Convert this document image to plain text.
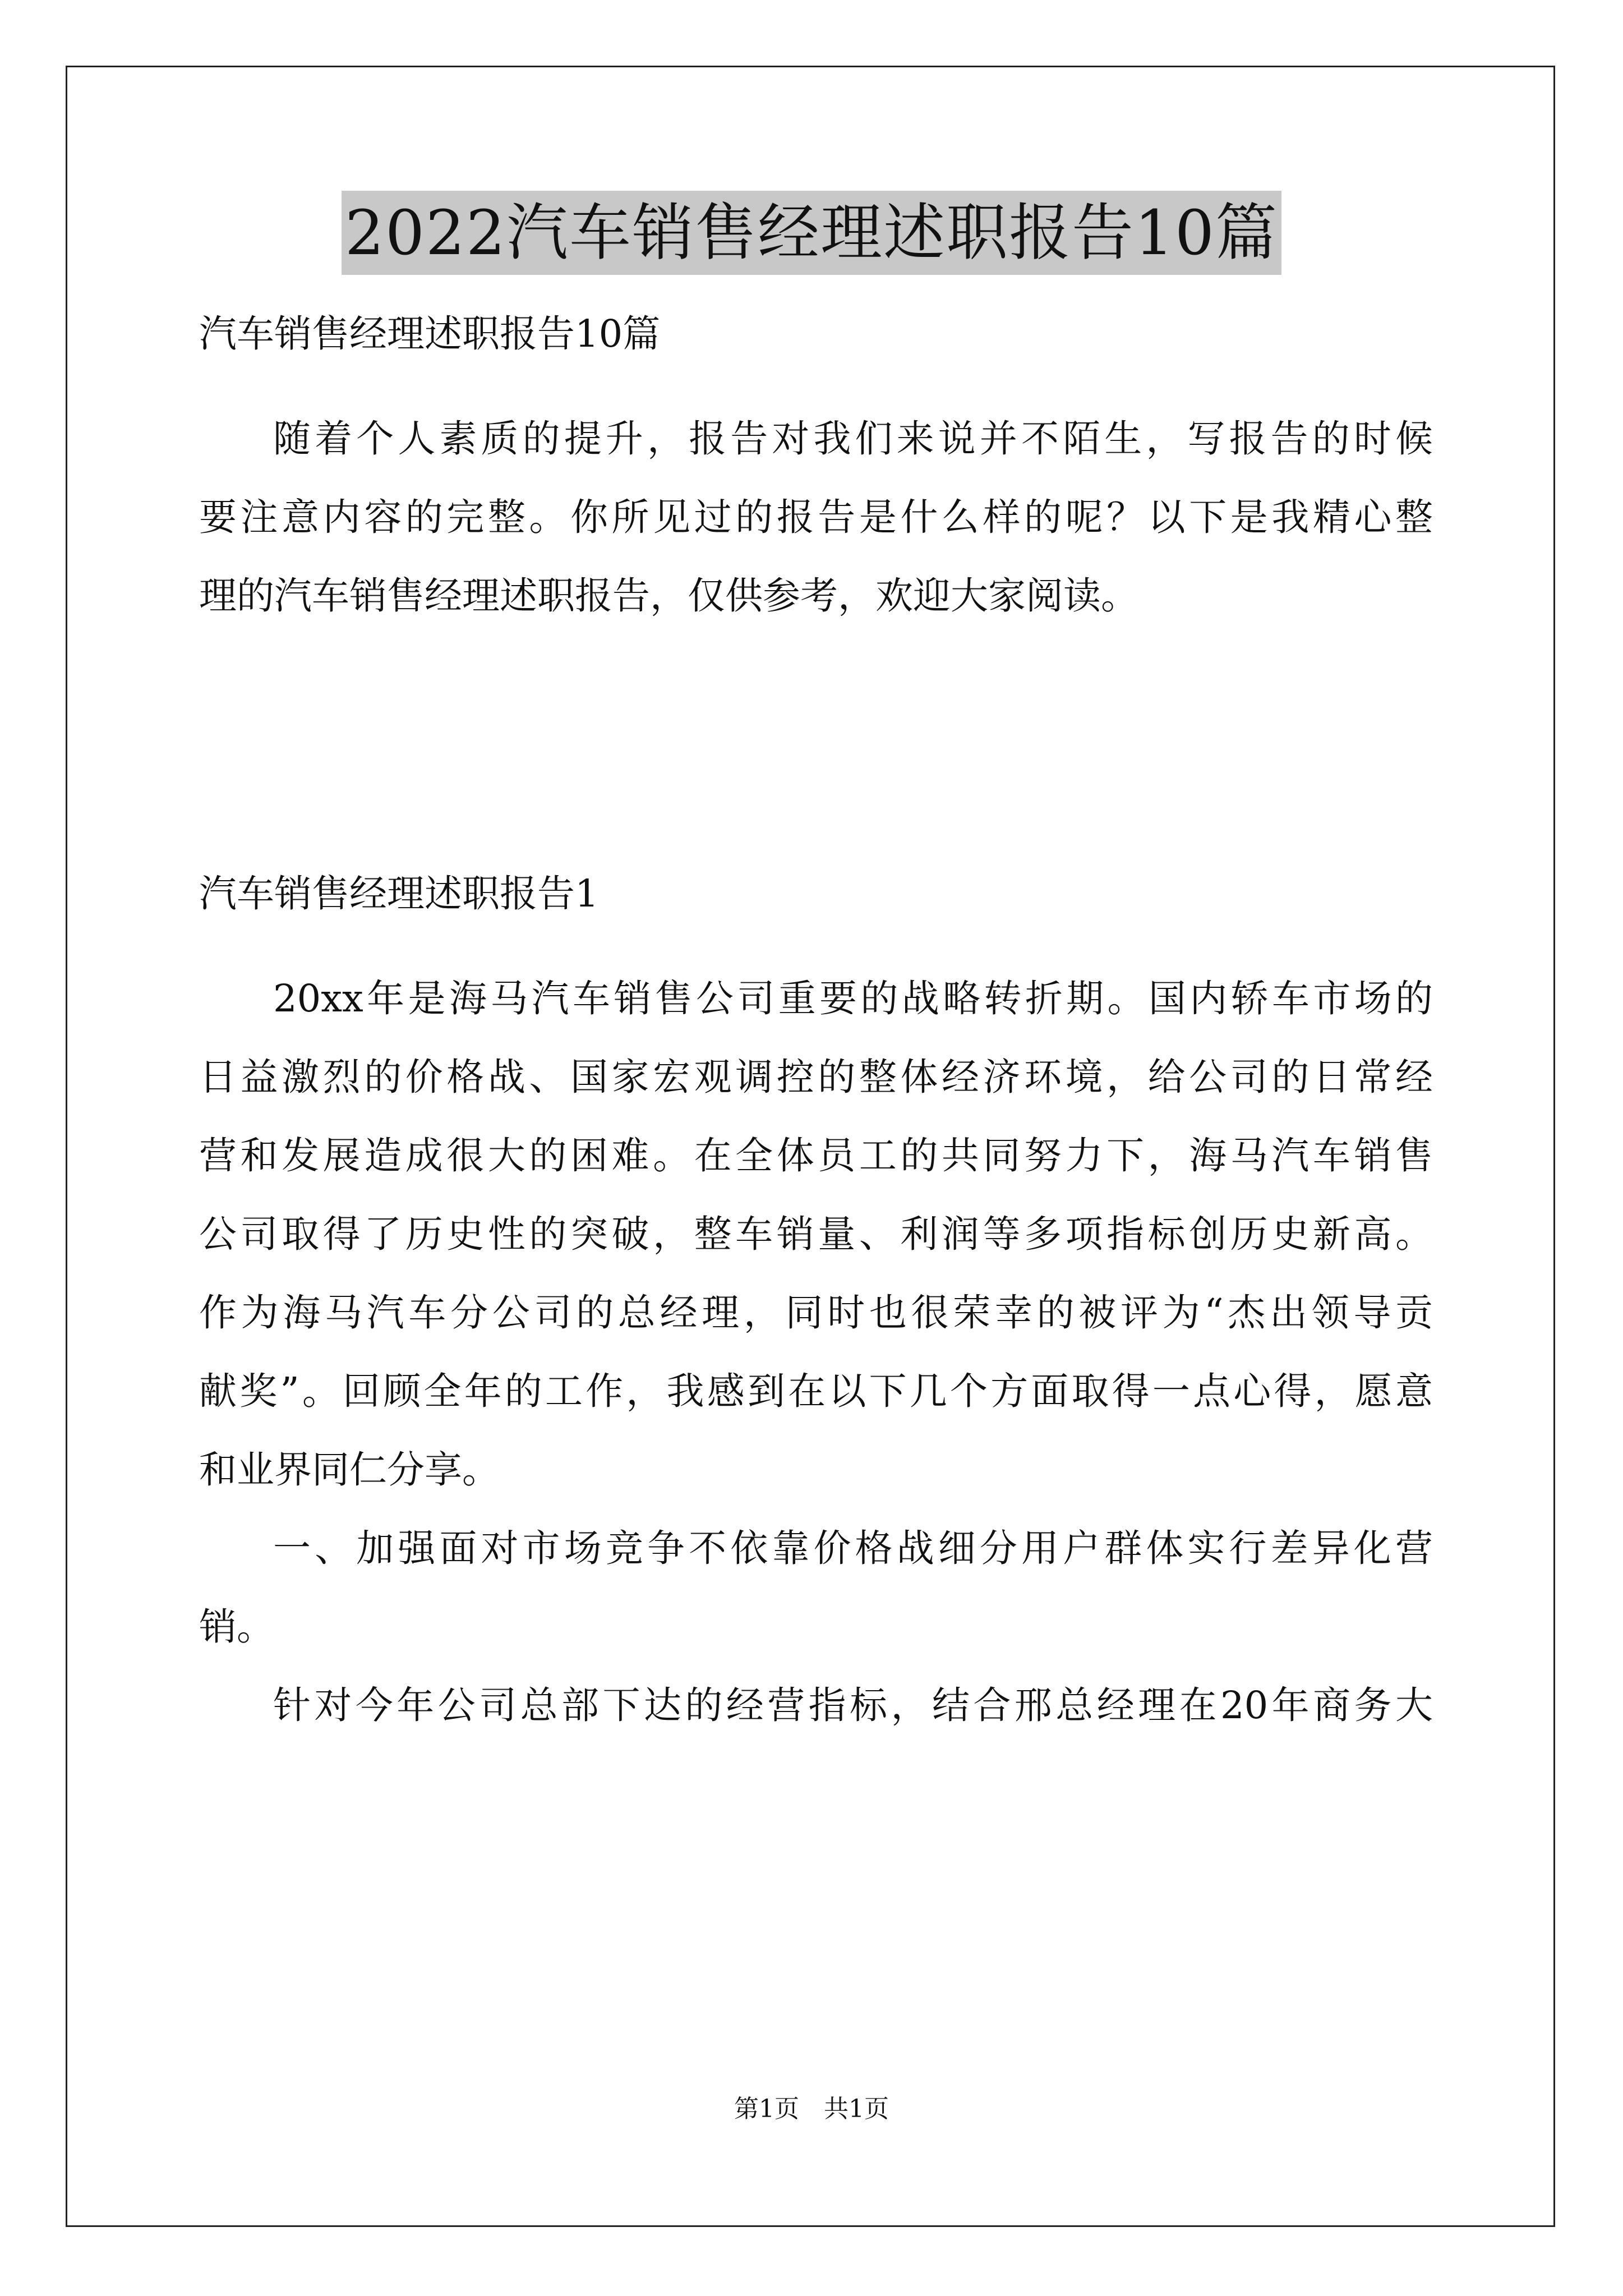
2022汽车销售经理述职报告10篇

汽车销售经理述职报告10篇

随着个人素质的提升，报告对我们来说并不陌生，写报告的时候

要注意内容的完整。你所见过的报告是什么样的呢？以下是我精心整

理的汽车销售经理述职报告，仅供参考，欢迎大家阅读。

汽车销售经理述职报告1

20xx年是海马汽车销售公司重要的战略转折期。国内轿车市场的

日益激烈的价格战、国家宏观调控的整体经济环境，给公司的日常经

营和发展造成很大的困难。在全体员工的共同努力下，海马汽车销售

公司取得了历史性的突破，整车销量、利润等多项指标创历史新高。

作为海马汽车分公司的总经理，同时也很荣幸的被评为“杰出领导贡

献奖”。回顾全年的工作，我感到在以下几个方面取得一点心得，愿意

和业界同仁分享。

一、加强面对市场竞争不依靠价格战细分用户群体实行差异化营

销。

针对今年公司总部下达的经营指标，结合邢总经理在20年商务大

第1页　共1页
